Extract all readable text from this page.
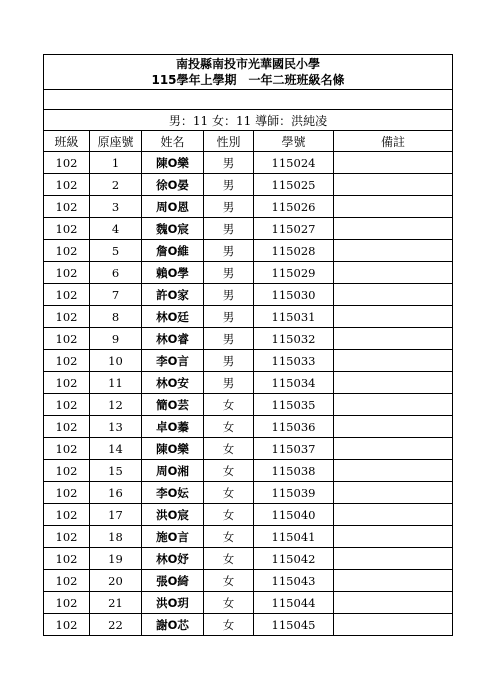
南投縣南投市光華國民小學
115學年上學期　一年二班班級名條					

男：11 女：11 導師：洪純凌					
班級	原座號	姓名	性別	學號	備註
102	1	陳O樂	男	115024	
102	2	徐O晏	男	115025	
102	3	周O恩	男	115026	
102	4	魏O宸	男	115027	
102	5	詹O維	男	115028	
102	6	賴O學	男	115029	
102	7	許O家	男	115030	
102	8	林O廷	男	115031	
102	9	林O睿	男	115032	
102	10	李O言	男	115033	
102	11	林O安	男	115034	
102	12	簡O芸	女	115035	
102	13	卓O蓁	女	115036	
102	14	陳O樂	女	115037	
102	15	周O湘	女	115038	
102	16	李O妘	女	115039	
102	17	洪O宸	女	115040	
102	18	施O言	女	115041	
102	19	林O妤	女	115042	
102	20	張O綺	女	115043	
102	21	洪O玥	女	115044	
102	22	謝O芯	女	115045	
